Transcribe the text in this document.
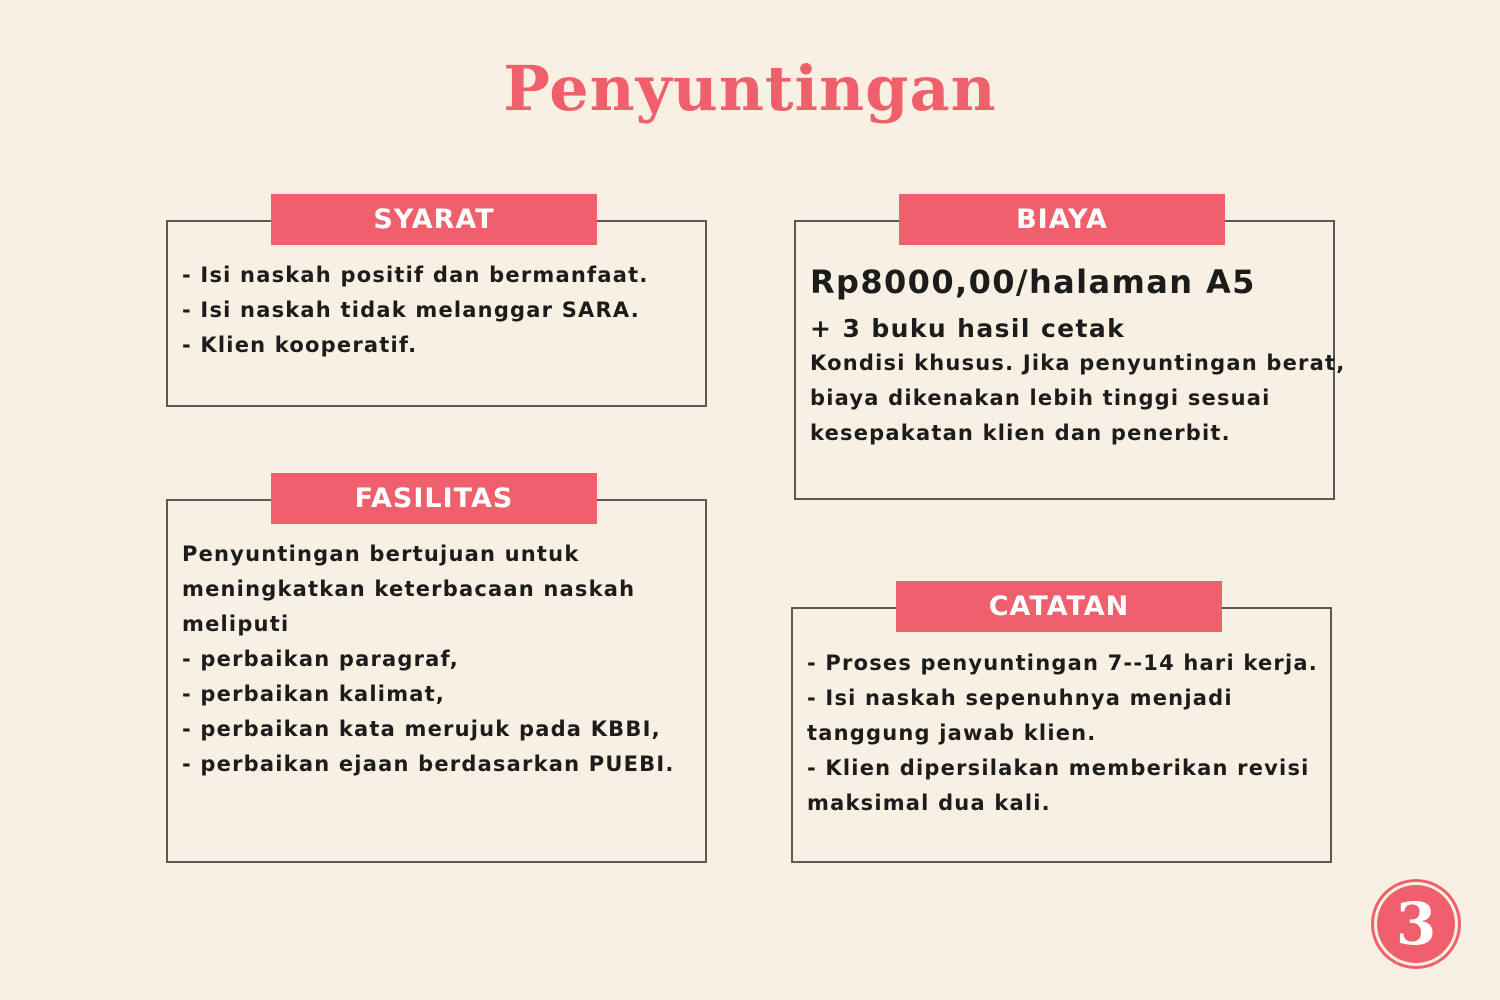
Penyuntingan
SYARAT
- Isi naskah positif dan bermanfaat.
- Isi naskah tidak melanggar SARA.
- Klien kooperatif.
BIAYA
Rp8000,00/halaman A5
+ 3 buku hasil cetak
Kondisi khusus. Jika penyuntingan berat,
biaya dikenakan lebih tinggi sesuai
kesepakatan klien dan penerbit.
FASILITAS
Penyuntingan bertujuan untuk
meningkatkan keterbacaan naskah
meliputi
- perbaikan paragraf,
- perbaikan kalimat,
- perbaikan kata merujuk pada KBBI,
- perbaikan ejaan berdasarkan PUEBI.
CATATAN
- Proses penyuntingan 7--14 hari kerja.
- Isi naskah sepenuhnya menjadi
tanggung jawab klien.
- Klien dipersilakan memberikan revisi
maksimal dua kali.
3
